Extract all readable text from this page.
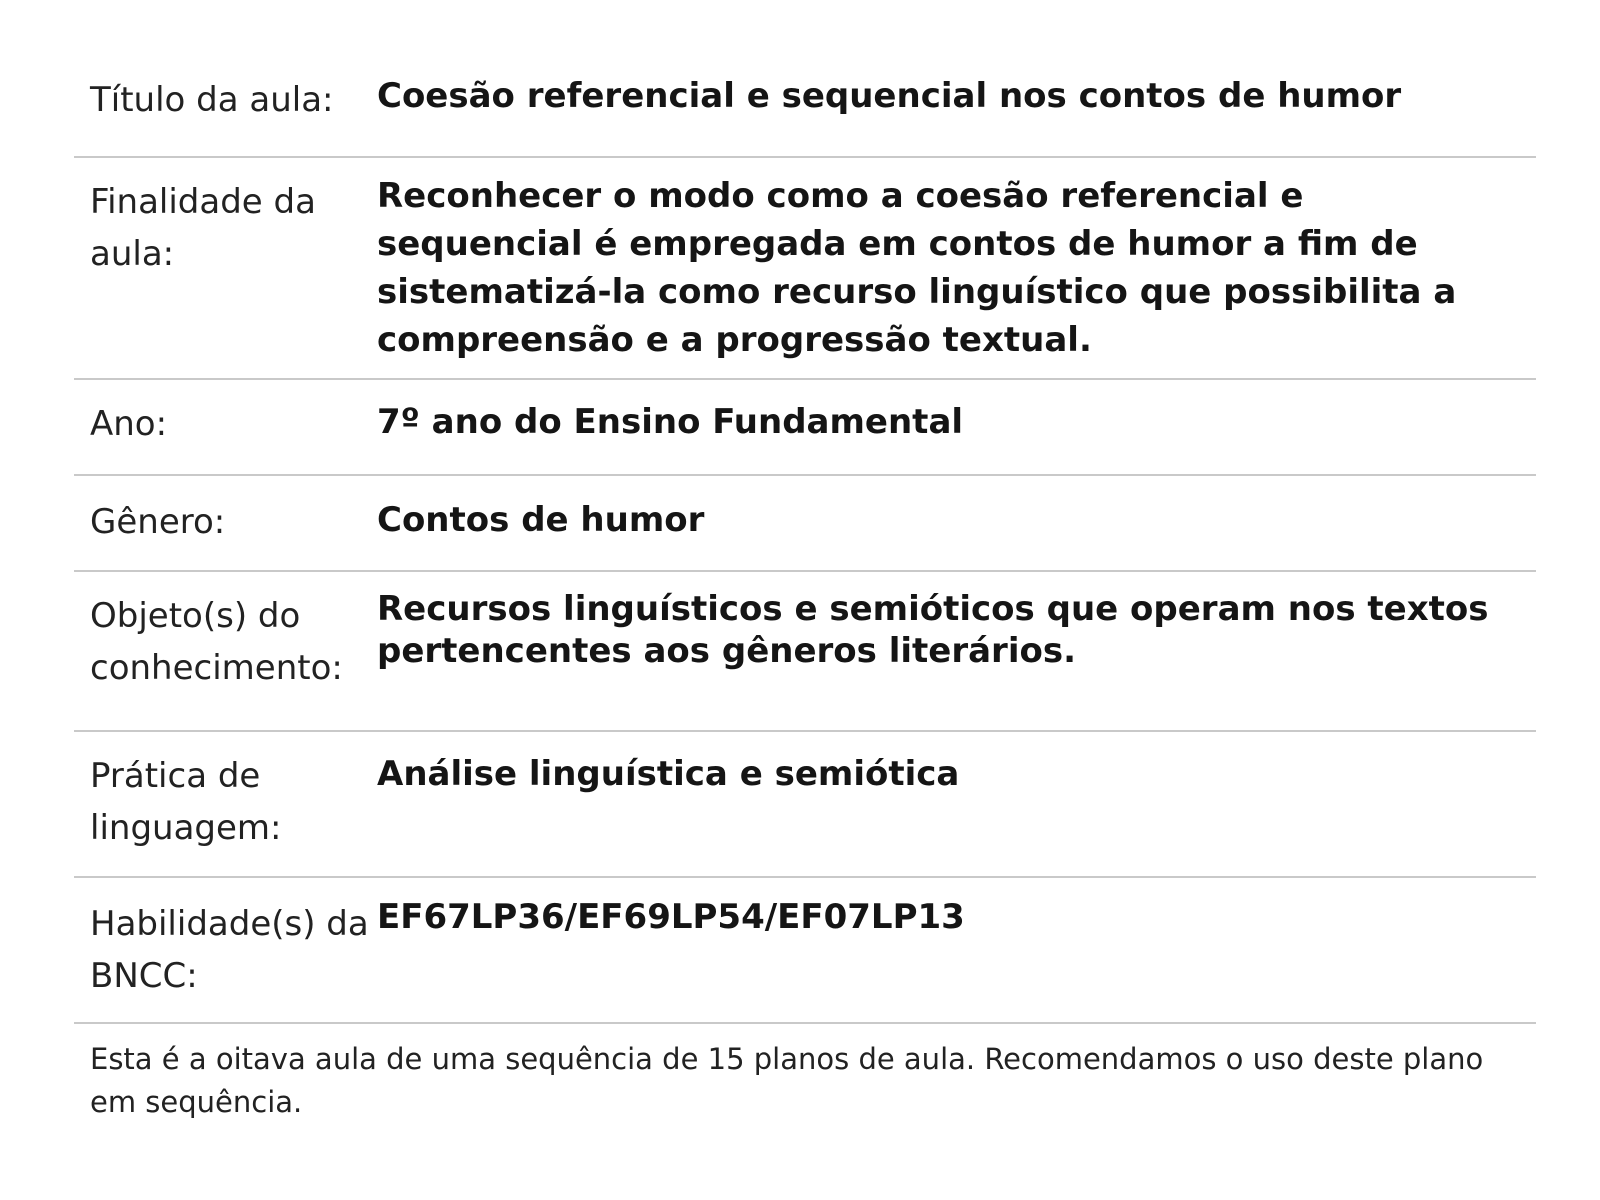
Título da aula:	Coesão referencial e sequencial nos contos de humor
Finalidade da aula:
Reconhecer o modo como a coesão referencial e sequencial é empregada em contos de humor a fim de sistematizá-la como recurso linguístico que possibilita a compreensão e a progressão textual.
Ano:	7º ano do Ensino Fundamental
Gênero:	Contos de humor
Objeto(s) do conhecimento:
Recursos linguísticos e semióticos que operam nos textos pertencentes aos gêneros literários.
Prática de linguagem:
Análise linguística e semiótica
Habilidade(s) da BNCC:
EF67LP36/EF69LP54/EF07LP13
Esta é a oitava aula de uma sequência de 15 planos de aula. Recomendamos o uso deste plano em sequência.
